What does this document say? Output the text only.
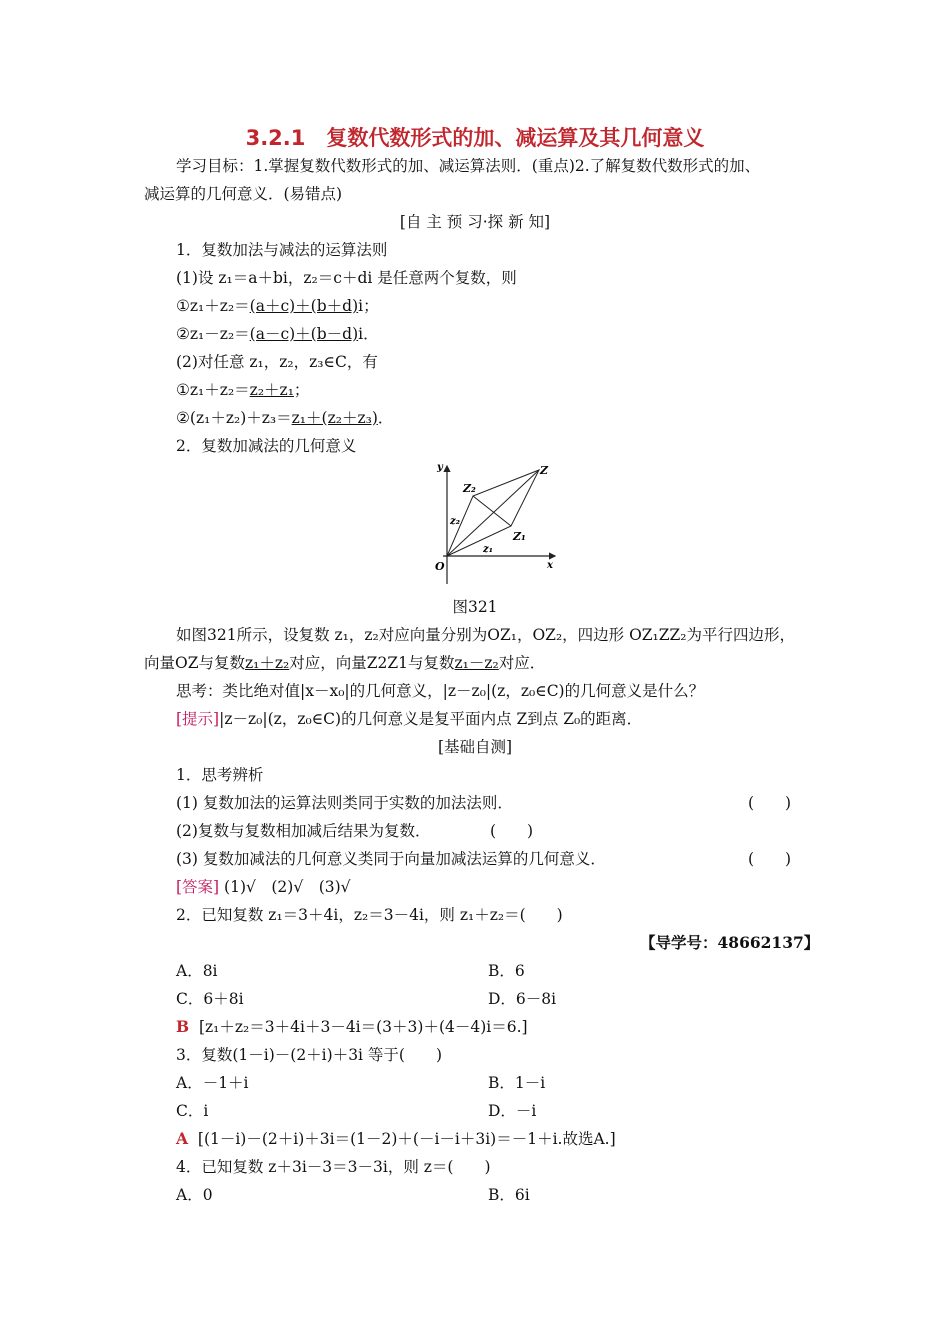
3.2.1　复数代数形式的加、减运算及其几何意义
学习目标：1.掌握复数代数形式的加、减运算法则．(重点)2.了解复数代数形式的加、
减运算的几何意义．(易错点)
[自 主 预 习·探 新 知]
1．复数加法与减法的运算法则
(1)设 z₁＝a＋bi，z₂＝c＋di 是任意两个复数，则
①z₁＋z₂＝(a＋c)＋(b＋d)i；
②z₁－z₂＝(a－c)＋(b－d)i．
(2)对任意 z₁，z₂，z₃∈C，有
①z₁＋z₂＝z₂＋z₁；
②(z₁＋z₂)＋z₃＝z₁＋(z₂＋z₃)．
2．复数加减法的几何意义
y
x
O
Z
Z₁
Z₂
z₁
z₂
图321
如图321所示，设复数 z₁，z₂对应向量分别为OZ₁，OZ₂，四边形 OZ₁ZZ₂为平行四边形，
向量OZ与复数z₁＋z₂对应，向量Z2Z1与复数z₁－z₂对应．
思考：类比绝对值|x－x₀|的几何意义，|z－z₀|(z，z₀∈C)的几何意义是什么？
[提示]|z－z₀|(z，z₀∈C)的几何意义是复平面内点 Z到点 Z₀的距离．
[基础自测]
1．思考辨析
(1) 复数加法的运算法则类同于实数的加法法则．	(　　)
(2)复数与复数相加减后结果为复数．	(　　)
(3) 复数加减法的几何意义类同于向量加减法运算的几何意义．	(　　)
[答案] (1)√　(2)√　(3)√
2．已知复数 z₁＝3＋4i，z₂＝3－4i，则 z₁＋z₂＝(　　)
【导学号：48662137】
A．8i	B．6
C．6＋8i	D．6－8i
B [z₁＋z₂＝3＋4i＋3－4i＝(3＋3)＋(4－4)i＝6.]
3．复数(1－i)－(2＋i)＋3i 等于(　　)
A．－1＋i	B．1－i
C．i	D．－i
A [(1－i)－(2＋i)＋3i＝(1－2)＋(－i－i＋3i)＝－1＋i.故选A.]
4．已知复数 z＋3i－3＝3－3i，则 z＝(　　)
A．0	B．6i
